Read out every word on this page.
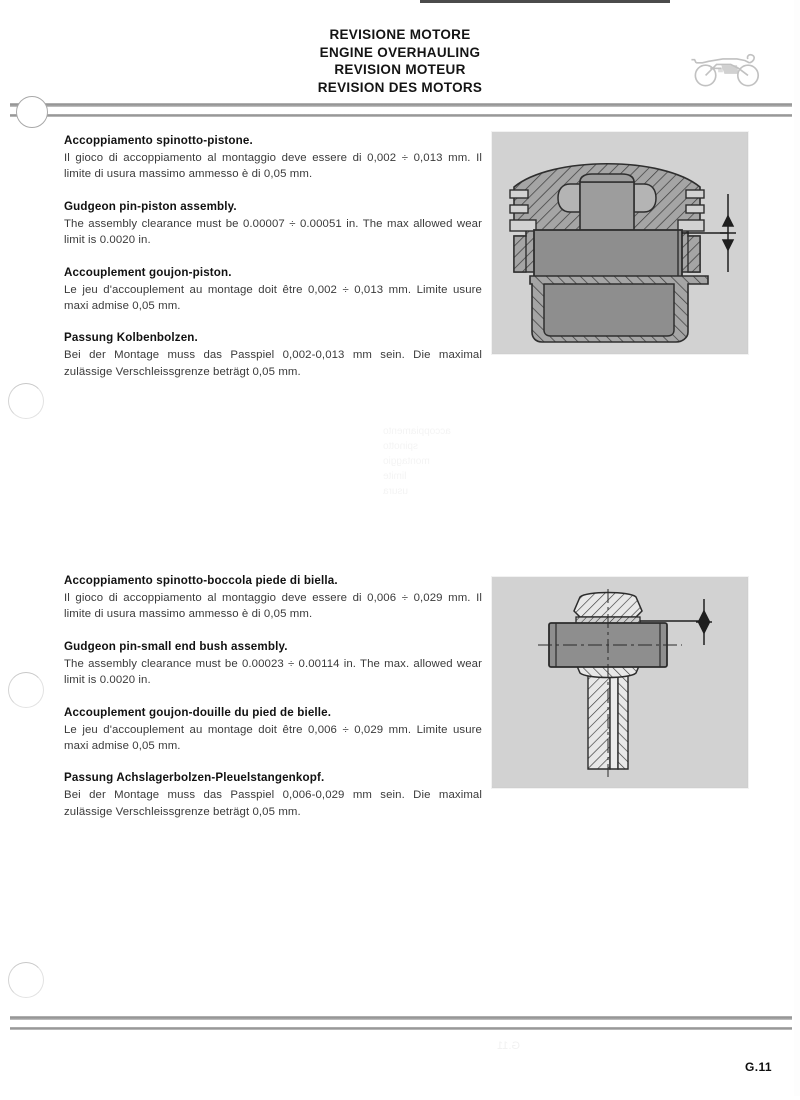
REVISIONE MOTORE
ENGINE OVERHAULING
REVISION MOTEUR
REVISION DES MOTORS
Accoppiamento spinotto-pistone.

Il gioco di accoppiamento al montaggio deve essere di 0,002 ÷ 0,013 mm. Il limite di usura massimo ammesso è di 0,05 mm.

Gudgeon pin-piston assembly.

The assembly clearance must be 0.00007 ÷ 0.00051 in. The max allowed wear limit is 0.0020 in.

Accouplement goujon-piston.

Le jeu d'accouplement au montage doit être 0,002 ÷ 0,013 mm. Limite usure maxi admise 0,05 mm.

Passung Kolbenbolzen.

Bei der Montage muss das Passpiel 0,002-0,013 mm sein. Die maximal zulässige Verschleissgrenze beträgt 0,05 mm.

accoppiamento
spinotto
montaggio
limite
usura
Accoppiamento spinotto-boccola piede di biella.

Il gioco di accoppiamento al montaggio deve essere di 0,006 ÷ 0,029 mm. Il limite di usura massimo ammesso è di 0,05 mm.

Gudgeon pin-small end bush assembly.

The assembly clearance must be 0.00023 ÷ 0.00114 in. The max. allowed wear limit is 0.0020 in.

Accouplement goujon-douille du pied de bielle.

Le jeu d'accouplement au montage doit être 0,006 ÷ 0,029 mm. Limite usure maxi admise 0,05 mm.

Passung Achslagerbolzen-Pleuelstangenkopf.

Bei der Montage muss das Passpiel 0,006-0,029 mm sein. Die maximal zulässige Verschleissgrenze beträgt 0,05 mm.

G.11
G.11
